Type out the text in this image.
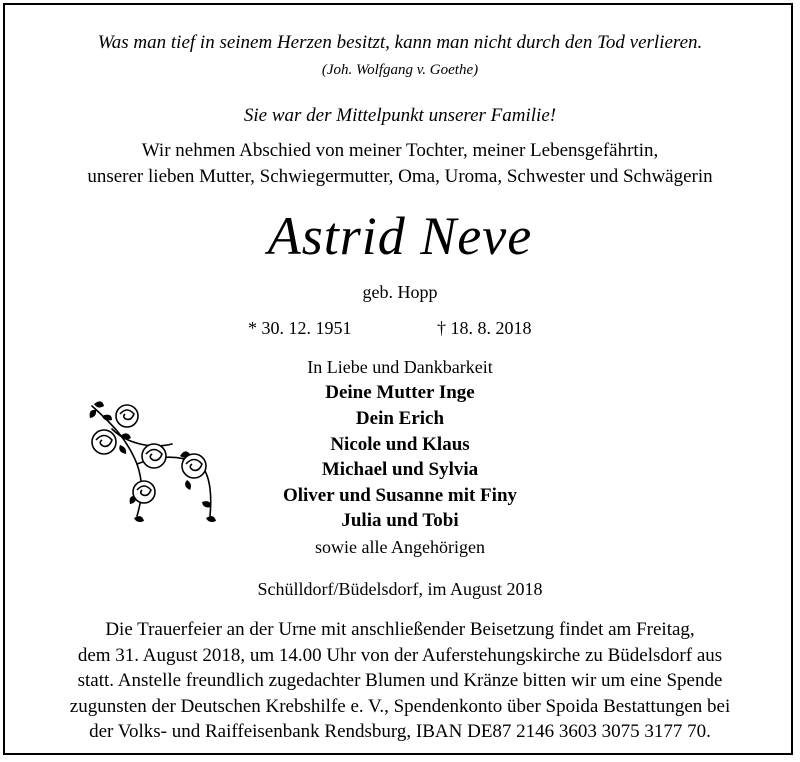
Was man tief in seinem Herzen besitzt, kann man nicht durch den Tod verlieren.
(Joh. Wolfgang v. Goethe)
Sie war der Mittelpunkt unserer Familie!
Wir nehmen Abschied von meiner Tochter, meiner Lebensgefährtin,
unserer lieben Mutter, Schwiegermutter, Oma, Uroma, Schwester und Schwägerin
Astrid Neve
geb. Hopp
* 30. 12. 1951	† 18. 8. 2018
In Liebe und Dankbarkeit
Deine Mutter Inge
Dein Erich
Nicole und Klaus
Michael und Sylvia
Oliver und Susanne mit Finy
Julia und Tobi
sowie alle Angehörigen
Schülldorf/Büdelsdorf, im August 2018
Die Trauerfeier an der Urne mit anschließender Beisetzung findet am Freitag,
dem 31. August 2018, um 14.00 Uhr von der Auferstehungskirche zu Büdelsdorf aus
statt. Anstelle freundlich zugedachter Blumen und Kränze bitten wir um eine Spende
zugunsten der Deutschen Krebshilfe e. V., Spendenkonto über Spoida Bestattungen bei
der Volks- und Raiffeisenbank Rendsburg, IBAN DE87 2146 3603 3075 3177 70.
